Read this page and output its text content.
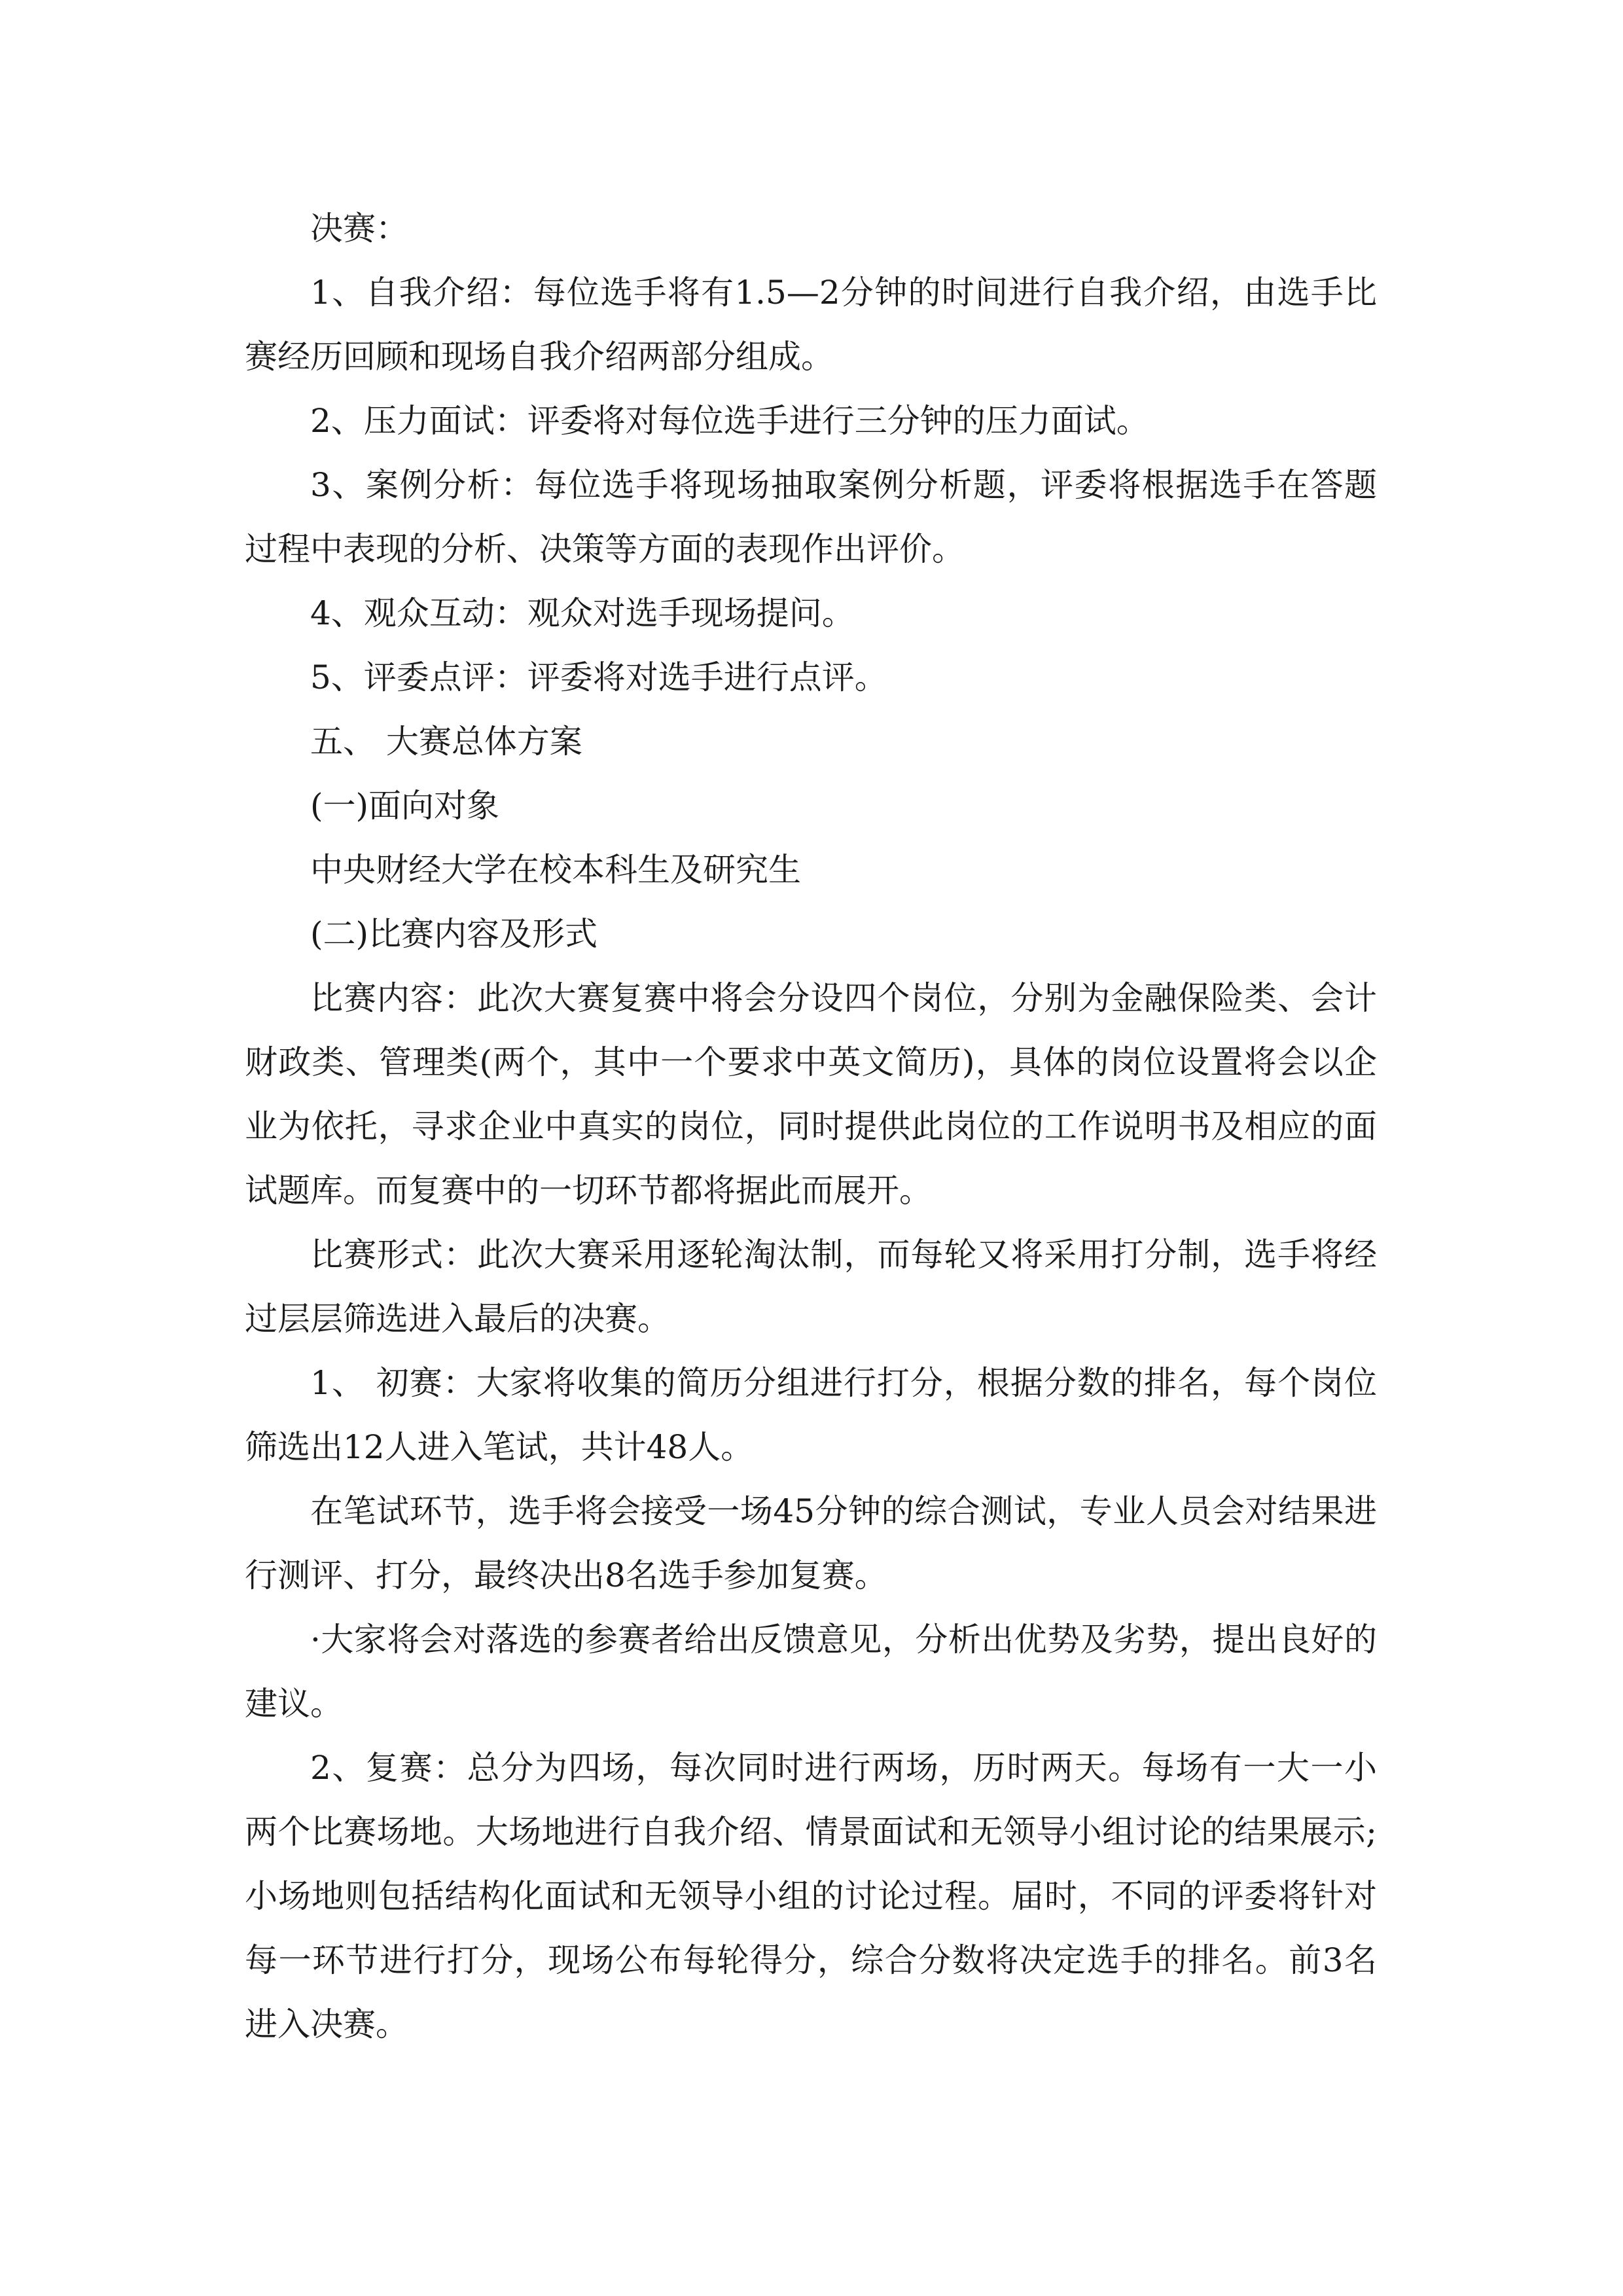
决赛：

1、自我介绍：每位选手将有1.5—2分钟的时间进行自我介绍，由选手比赛经历回顾和现场自我介绍两部分组成。

2、压力面试：评委将对每位选手进行三分钟的压力面试。

3、案例分析：每位选手将现场抽取案例分析题，评委将根据选手在答题过程中表现的分析、决策等方面的表现作出评价。

4、观众互动：观众对选手现场提问。

5、评委点评：评委将对选手进行点评。

五、 大赛总体方案

(一)面向对象

中央财经大学在校本科生及研究生

(二)比赛内容及形式

比赛内容：此次大赛复赛中将会分设四个岗位，分别为金融保险类、会计财政类、管理类(两个，其中一个要求中英文简历)，具体的岗位设置将会以企业为依托，寻求企业中真实的岗位，同时提供此岗位的工作说明书及相应的面试题库。而复赛中的一切环节都将据此而展开。

比赛形式：此次大赛采用逐轮淘汰制，而每轮又将采用打分制，选手将经过层层筛选进入最后的决赛。

1、 初赛：大家将收集的简历分组进行打分，根据分数的排名，每个岗位筛选出12人进入笔试，共计48人。

在笔试环节，选手将会接受一场45分钟的综合测试，专业人员会对结果进行测评、打分，最终决出8名选手参加复赛。

·大家将会对落选的参赛者给出反馈意见，分析出优势及劣势，提出良好的建议。

2、复赛：总分为四场，每次同时进行两场，历时两天。每场有一大一小两个比赛场地。大场地进行自我介绍、情景面试和无领导小组讨论的结果展示;小场地则包括结构化面试和无领导小组的讨论过程。届时，不同的评委将针对每一环节进行打分，现场公布每轮得分，综合分数将决定选手的排名。前3名进入决赛。
